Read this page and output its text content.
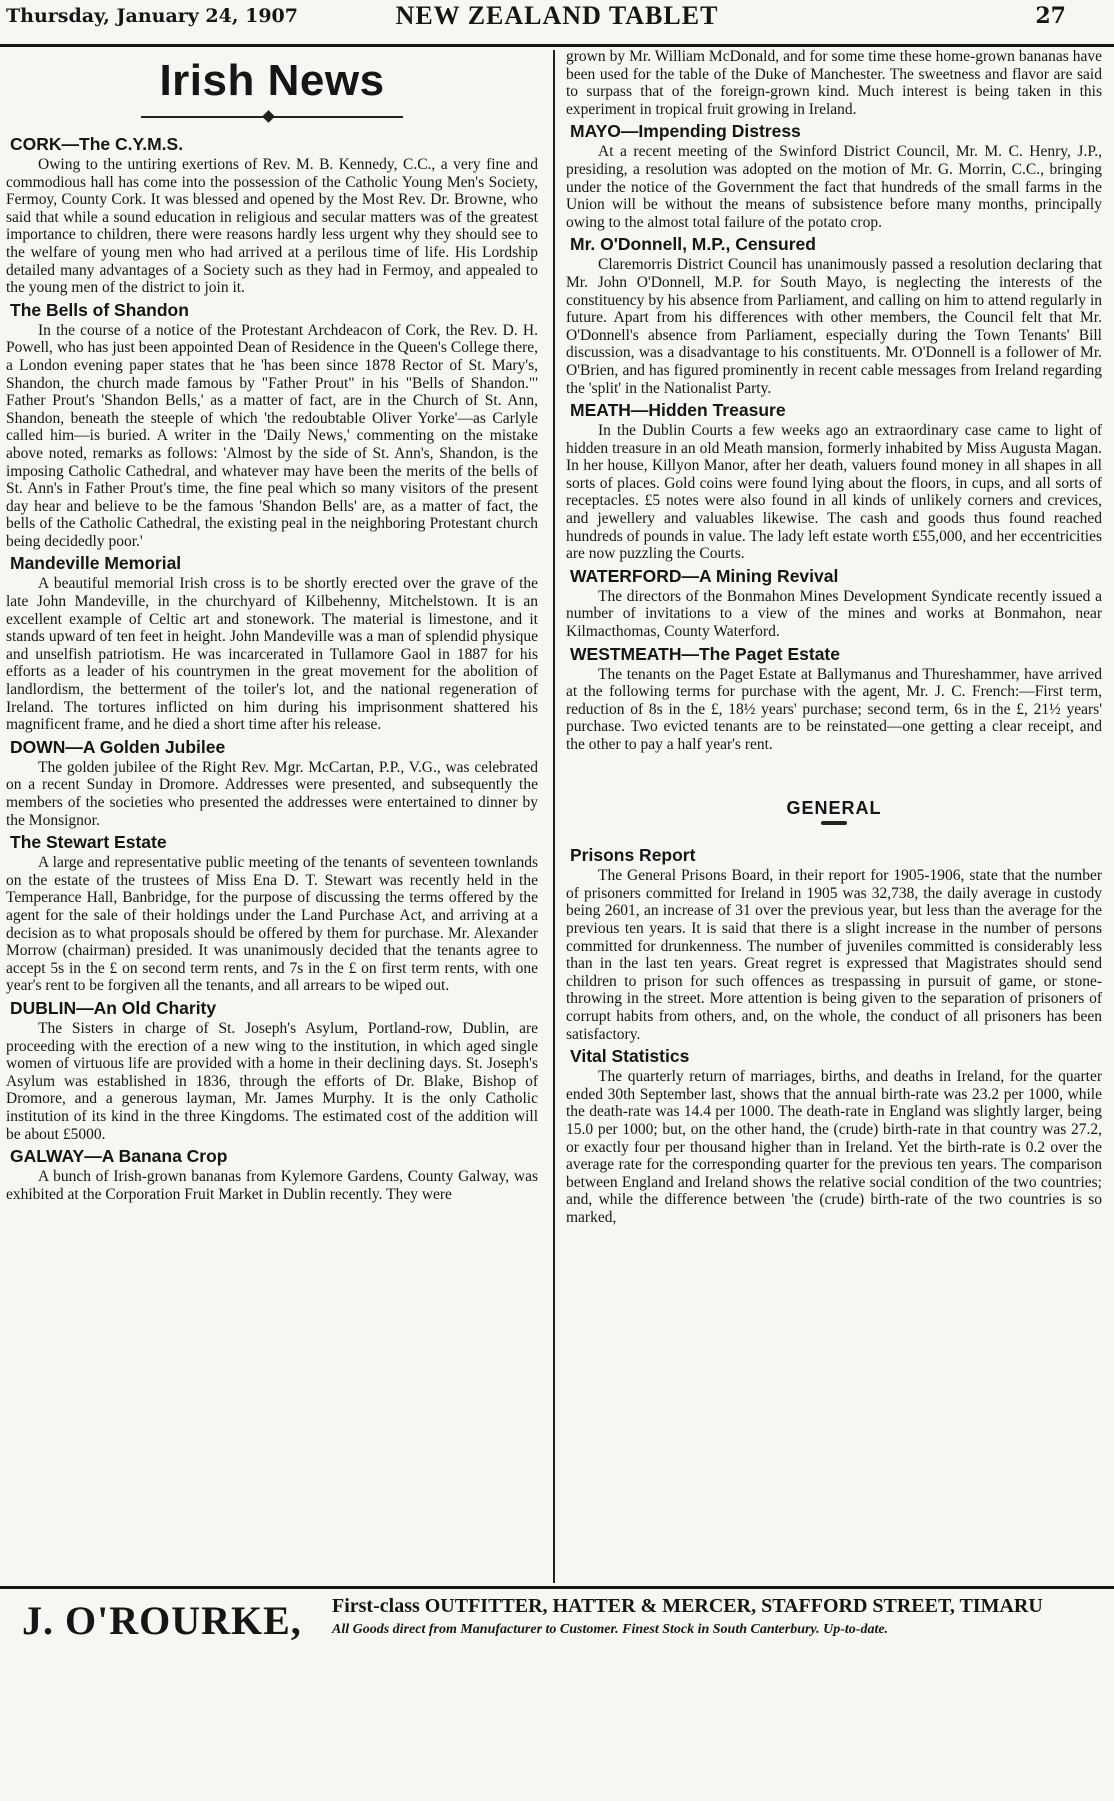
Thursday, January 24, 1907	NEW ZEALAND TABLET	27
Irish News
CORK—The C.Y.M.S.

Owing to the untiring exertions of Rev. M. B. Kennedy, C.C., a very fine and commodious hall has come into the possession of the Catholic Young Men's Society, Fermoy, County Cork. It was blessed and opened by the Most Rev. Dr. Browne, who said that while a sound education in religious and secular matters was of the greatest importance to children, there were reasons hardly less urgent why they should see to the welfare of young men who had arrived at a perilous time of life. His Lordship detailed many advantages of a Society such as they had in Fermoy, and appealed to the young men of the district to join it.

The Bells of Shandon

In the course of a notice of the Protestant Archdeacon of Cork, the Rev. D. H. Powell, who has just been appointed Dean of Residence in the Queen's College there, a London evening paper states that he 'has been since 1878 Rector of St. Mary's, Shandon, the church made famous by "Father Prout" in his "Bells of Shandon."' Father Prout's 'Shandon Bells,' as a matter of fact, are in the Church of St. Ann, Shandon, beneath the steeple of which 'the redoubtable Oliver Yorke'—as Carlyle called him—is buried. A writer in the 'Daily News,' commenting on the mistake above noted, remarks as follows: 'Almost by the side of St. Ann's, Shandon, is the imposing Catholic Cathedral, and whatever may have been the merits of the bells of St. Ann's in Father Prout's time, the fine peal which so many visitors of the present day hear and believe to be the famous 'Shandon Bells' are, as a matter of fact, the bells of the Catholic Cathedral, the existing peal in the neighboring Protestant church being decidedly poor.'

Mandeville Memorial

A beautiful memorial Irish cross is to be shortly erected over the grave of the late John Mandeville, in the churchyard of Kilbehenny, Mitchelstown. It is an excellent example of Celtic art and stonework. The material is limestone, and it stands upward of ten feet in height. John Mandeville was a man of splendid physique and unselfish patriotism. He was incarcerated in Tullamore Gaol in 1887 for his efforts as a leader of his countrymen in the great movement for the abolition of landlordism, the betterment of the toiler's lot, and the national regeneration of Ireland. The tortures inflicted on him during his imprisonment shattered his magnificent frame, and he died a short time after his release.

DOWN—A Golden Jubilee

The golden jubilee of the Right Rev. Mgr. McCartan, P.P., V.G., was celebrated on a recent Sunday in Dromore. Addresses were presented, and subsequently the members of the societies who presented the addresses were entertained to dinner by the Monsignor.

The Stewart Estate

A large and representative public meeting of the tenants of seventeen townlands on the estate of the trustees of Miss Ena D. T. Stewart was recently held in the Temperance Hall, Banbridge, for the purpose of discussing the terms offered by the agent for the sale of their holdings under the Land Purchase Act, and arriving at a decision as to what proposals should be offered by them for purchase. Mr. Alexander Morrow (chairman) presided. It was unanimously decided that the tenants agree to accept 5s in the £ on second term rents, and 7s in the £ on first term rents, with one year's rent to be forgiven all the tenants, and all arrears to be wiped out.

DUBLIN—An Old Charity

The Sisters in charge of St. Joseph's Asylum, Portland-row, Dublin, are proceeding with the erection of a new wing to the institution, in which aged single women of virtuous life are provided with a home in their declining days. St. Joseph's Asylum was established in 1836, through the efforts of Dr. Blake, Bishop of Dromore, and a generous layman, Mr. James Murphy. It is the only Catholic institution of its kind in the three Kingdoms. The estimated cost of the addition will be about £5000.

GALWAY—A Banana Crop

A bunch of Irish-grown bananas from Kylemore Gardens, County Galway, was exhibited at the Corporation Fruit Market in Dublin recently. They were

grown by Mr. William McDonald, and for some time these home-grown bananas have been used for the table of the Duke of Manchester. The sweetness and flavor are said to surpass that of the foreign-grown kind. Much interest is being taken in this experiment in tropical fruit growing in Ireland.

MAYO—Impending Distress

At a recent meeting of the Swinford District Council, Mr. M. C. Henry, J.P., presiding, a resolution was adopted on the motion of Mr. G. Morrin, C.C., bringing under the notice of the Government the fact that hundreds of the small farms in the Union will be without the means of subsistence before many months, principally owing to the almost total failure of the potato crop.

Mr. O'Donnell, M.P., Censured

Claremorris District Council has unanimously passed a resolution declaring that Mr. John O'Donnell, M.P. for South Mayo, is neglecting the interests of the constituency by his absence from Parliament, and calling on him to attend regularly in future. Apart from his differences with other members, the Council felt that Mr. O'Donnell's absence from Parliament, especially during the Town Tenants' Bill discussion, was a disadvantage to his constituents. Mr. O'Donnell is a follower of Mr. O'Brien, and has figured prominently in recent cable messages from Ireland regarding the 'split' in the Nationalist Party.

MEATH—Hidden Treasure

In the Dublin Courts a few weeks ago an extraordinary case came to light of hidden treasure in an old Meath mansion, formerly inhabited by Miss Augusta Magan. In her house, Killyon Manor, after her death, valuers found money in all shapes in all sorts of places. Gold coins were found lying about the floors, in cups, and all sorts of receptacles. £5 notes were also found in all kinds of unlikely corners and crevices, and jewellery and valuables likewise. The cash and goods thus found reached hundreds of pounds in value. The lady left estate worth £55,000, and her eccentricities are now puzzling the Courts.

WATERFORD—A Mining Revival

The directors of the Bonmahon Mines Development Syndicate recently issued a number of invitations to a view of the mines and works at Bonmahon, near Kilmacthomas, County Waterford.

WESTMEATH—The Paget Estate

The tenants on the Paget Estate at Ballymanus and Thureshammer, have arrived at the following terms for purchase with the agent, Mr. J. C. French:—First term, reduction of 8s in the £, 18½ years' purchase; second term, 6s in the £, 21½ years' purchase. Two evicted tenants are to be reinstated—one getting a clear receipt, and the other to pay a half year's rent.

GENERAL
Prisons Report

The General Prisons Board, in their report for 1905-1906, state that the number of prisoners committed for Ireland in 1905 was 32,738, the daily average in custody being 2601, an increase of 31 over the previous year, but less than the average for the previous ten years. It is said that there is a slight increase in the number of persons committed for drunkenness. The number of juveniles committed is considerably less than in the last ten years. Great regret is expressed that Magistrates should send children to prison for such offences as trespassing in pursuit of game, or stone-throwing in the street. More attention is being given to the separation of prisoners of corrupt habits from others, and, on the whole, the conduct of all prisoners has been satisfactory.

Vital Statistics

The quarterly return of marriages, births, and deaths in Ireland, for the quarter ended 30th September last, shows that the annual birth-rate was 23.2 per 1000, while the death-rate was 14.4 per 1000. The death-rate in England was slightly larger, being 15.0 per 1000; but, on the other hand, the (crude) birth-rate in that country was 27.2, or exactly four per thousand higher than in Ireland. Yet the birth-rate is 0.2 over the average rate for the corresponding quarter for the previous ten years. The comparison between England and Ireland shows the relative social condition of the two countries; and, while the difference between 'the (crude) birth-rate of the two countries is so marked,

J. O'ROURKE, First-class OUTFITTER, HATTER & MERCER, STAFFORD STREET, TIMARU
All Goods direct from Manufacturer to Customer. Finest Stock in South Canterbury. Up-to-date.
